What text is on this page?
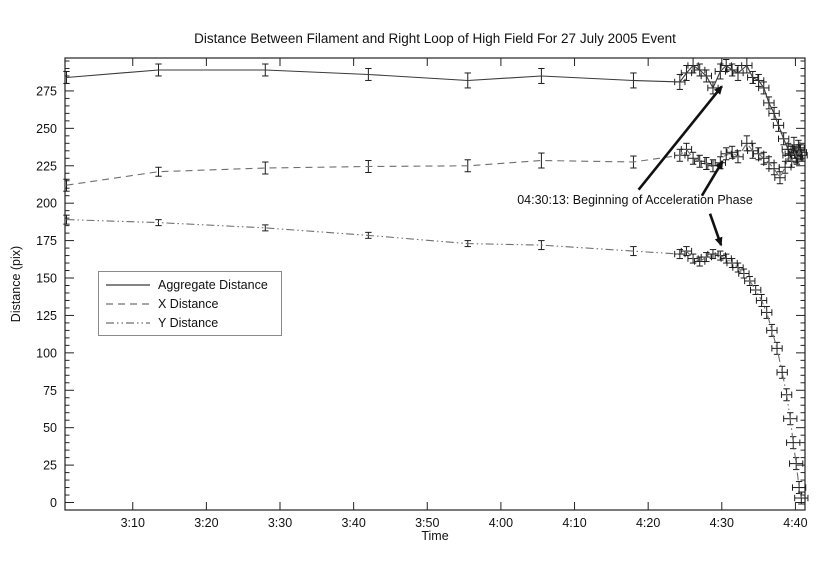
Distance Between Filament and Right Loop of High Field For 27 July 2005 Event
3:10	3:20	3:30	3:40	3:50	4:00	4:10	4:20	4:30	4:40
0
25
50
75
100
125
150
175
200
225
250
275
Aggregate Distance
X Distance
Y Distance
04:30:13: Beginning of Acceleration Phase
Time
Distance (pix)
